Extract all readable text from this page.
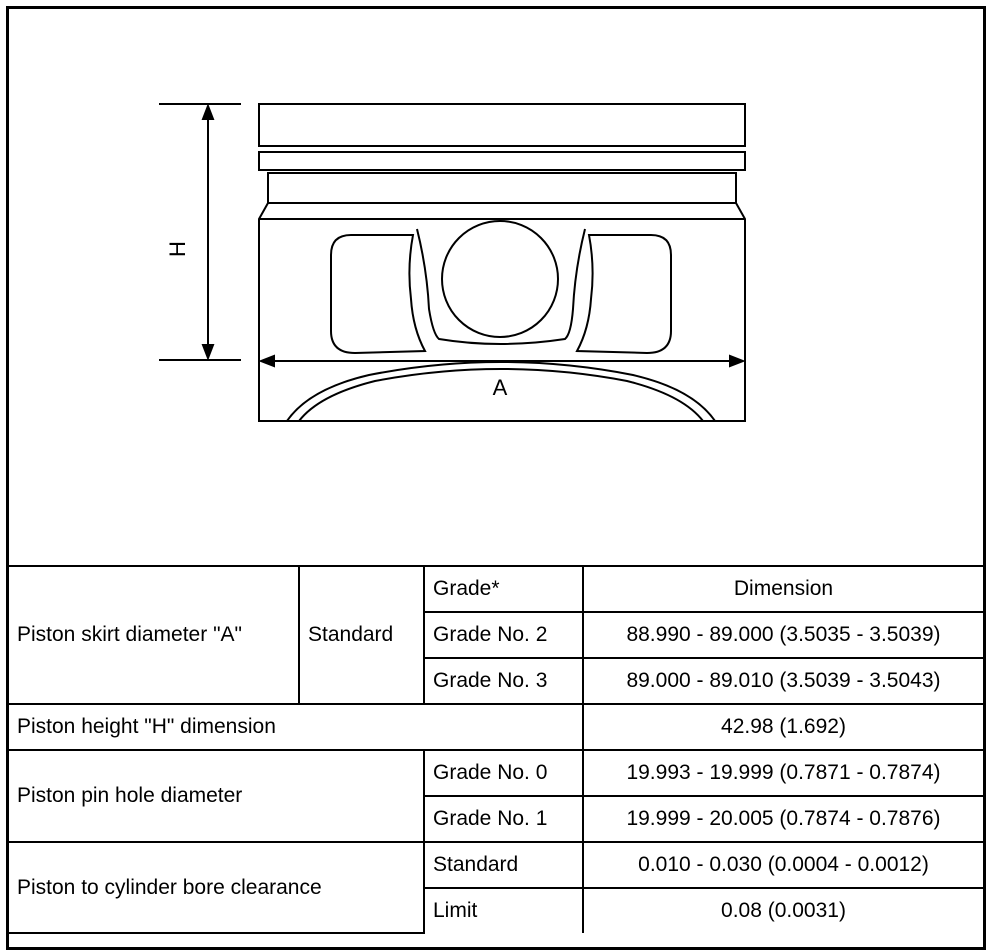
H
A
Piston skirt diameter "A"	Standard	Grade*	Dimension
		Grade No. 2	88.990 - 89.000 (3.5035 - 3.5039)
		Grade No. 3	89.000 - 89.010 (3.5039 - 3.5043)
Piston height "H" dimension			42.98 (1.692)
Piston pin hole diameter		Grade No. 0	19.993 - 19.999 (0.7871 - 0.7874)
		Grade No. 1	19.999 - 20.005 (0.7874 - 0.7876)
Piston to cylinder bore clearance		Standard	0.010 - 0.030 (0.0004 - 0.0012)
		Limit	0.08 (0.0031)
